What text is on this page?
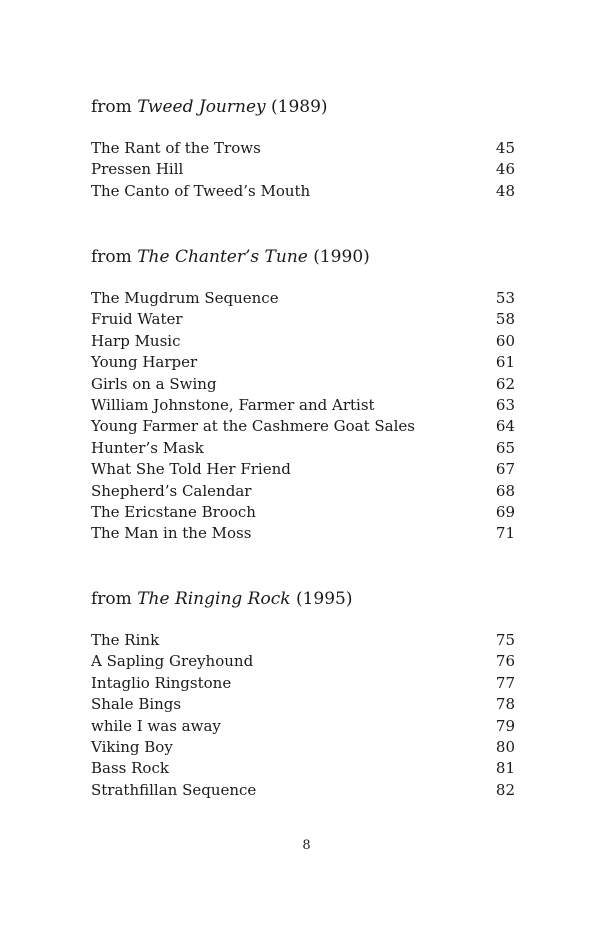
from Tweed Journey (1989)
The Rant of the Trows	45
Pressen Hill	46
The Canto of Tweed’s Mouth	48
from The Chanter’s Tune (1990)
The Mugdrum Sequence	53
Fruid Water	58
Harp Music	60
Young Harper	61
Girls on a Swing	62
William Johnstone, Farmer and Artist	63
Young Farmer at the Cashmere Goat Sales	64
Hunter’s Mask	65
What She Told Her Friend	67
Shepherd’s Calendar	68
The Ericstane Brooch	69
The Man in the Moss	71
from The Ringing Rock (1995)
The Rink	75
A Sapling Greyhound	76
Intaglio Ringstone	77
Shale Bings	78
while I was away	79
Viking Boy	80
Bass Rock	81
Strathfillan Sequence	82
8
